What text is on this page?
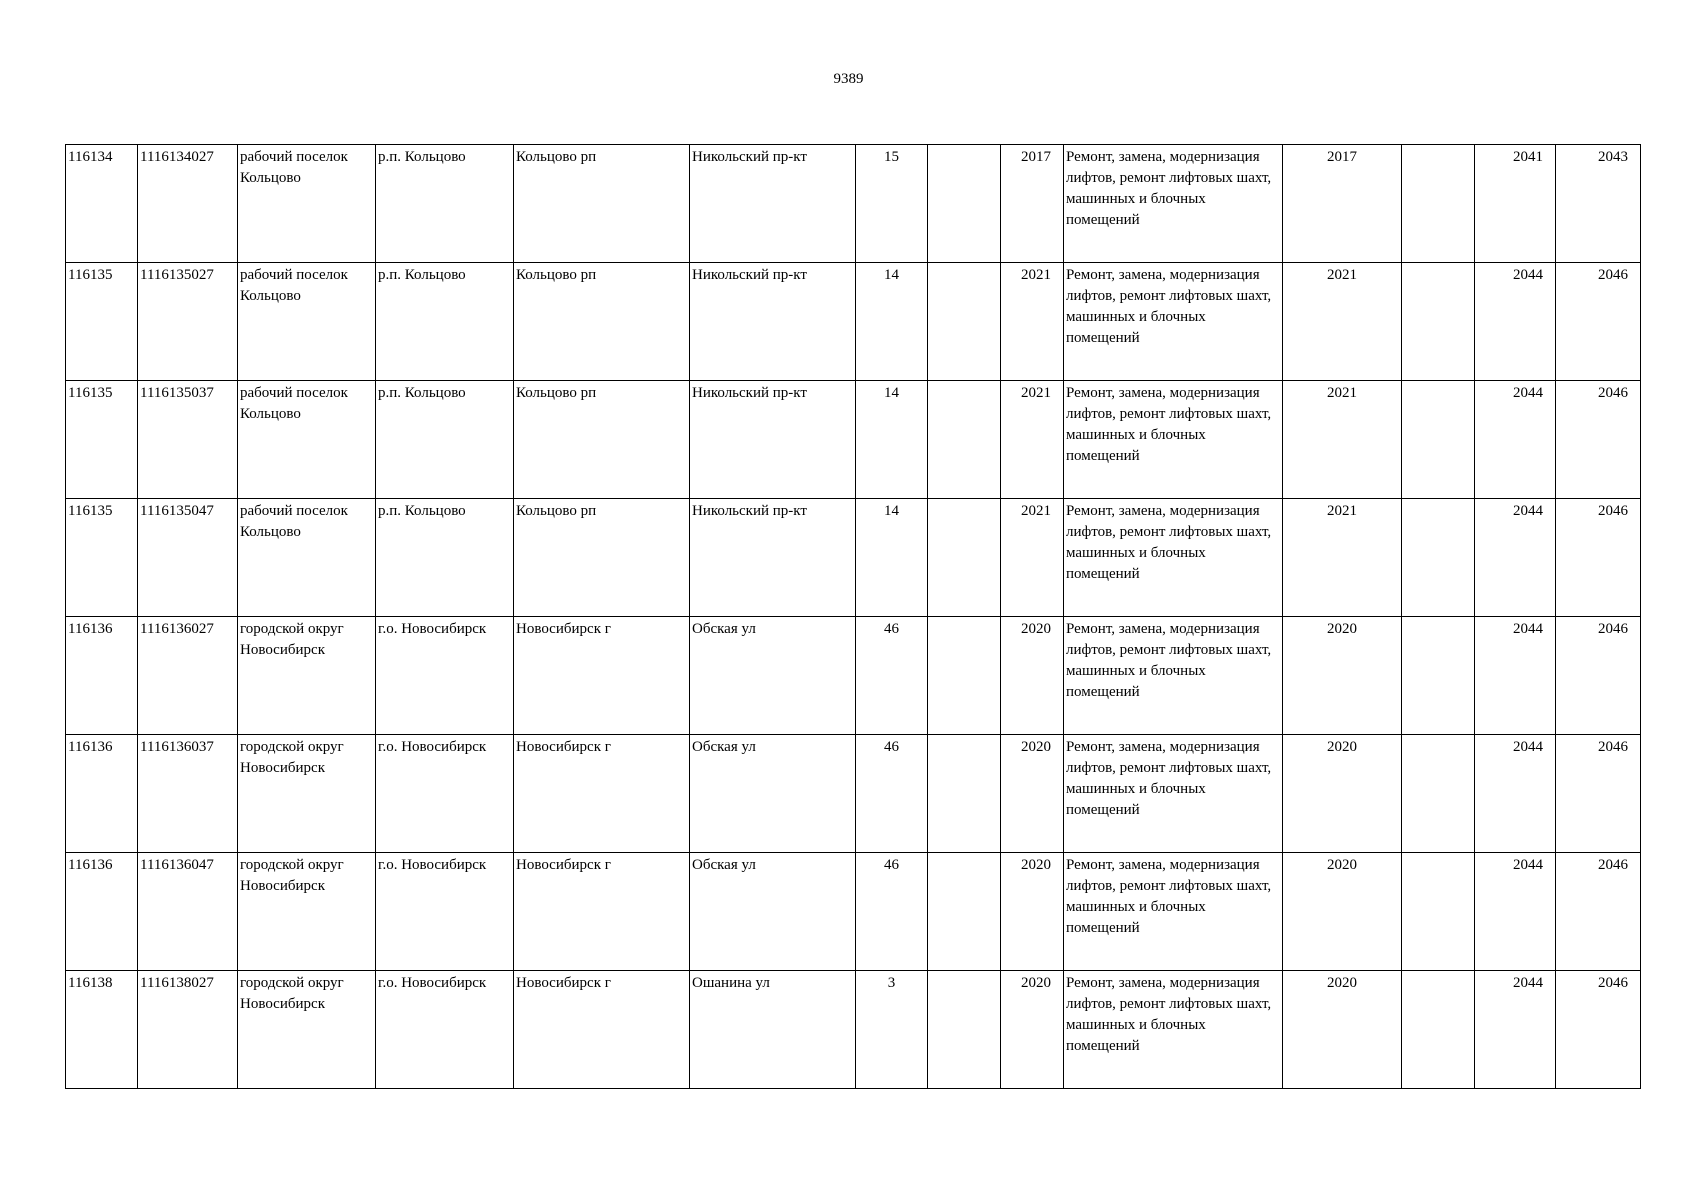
9389
116134	1116134027	рабочий поселок Кольцово	р.п. Кольцово	Кольцово рп	Никольский пр-кт	15		2017	Ремонт, замена, модернизация лифтов, ремонт лифтовых шахт, машинных и блочных помещений	2017		2041	2043
116135	1116135027	рабочий поселок Кольцово	р.п. Кольцово	Кольцово рп	Никольский пр-кт	14		2021	Ремонт, замена, модернизация лифтов, ремонт лифтовых шахт, машинных и блочных помещений	2021		2044	2046
116135	1116135037	рабочий поселок Кольцово	р.п. Кольцово	Кольцово рп	Никольский пр-кт	14		2021	Ремонт, замена, модернизация лифтов, ремонт лифтовых шахт, машинных и блочных помещений	2021		2044	2046
116135	1116135047	рабочий поселок Кольцово	р.п. Кольцово	Кольцово рп	Никольский пр-кт	14		2021	Ремонт, замена, модернизация лифтов, ремонт лифтовых шахт, машинных и блочных помещений	2021		2044	2046
116136	1116136027	городской округ Новосибирск	г.о. Новосибирск	Новосибирск г	Обская ул	46		2020	Ремонт, замена, модернизация лифтов, ремонт лифтовых шахт, машинных и блочных помещений	2020		2044	2046
116136	1116136037	городской округ Новосибирск	г.о. Новосибирск	Новосибирск г	Обская ул	46		2020	Ремонт, замена, модернизация лифтов, ремонт лифтовых шахт, машинных и блочных помещений	2020		2044	2046
116136	1116136047	городской округ Новосибирск	г.о. Новосибирск	Новосибирск г	Обская ул	46		2020	Ремонт, замена, модернизация лифтов, ремонт лифтовых шахт, машинных и блочных помещений	2020		2044	2046
116138	1116138027	городской округ Новосибирск	г.о. Новосибирск	Новосибирск г	Ошанина ул	3		2020	Ремонт, замена, модернизация лифтов, ремонт лифтовых шахт, машинных и блочных помещений	2020		2044	2046
